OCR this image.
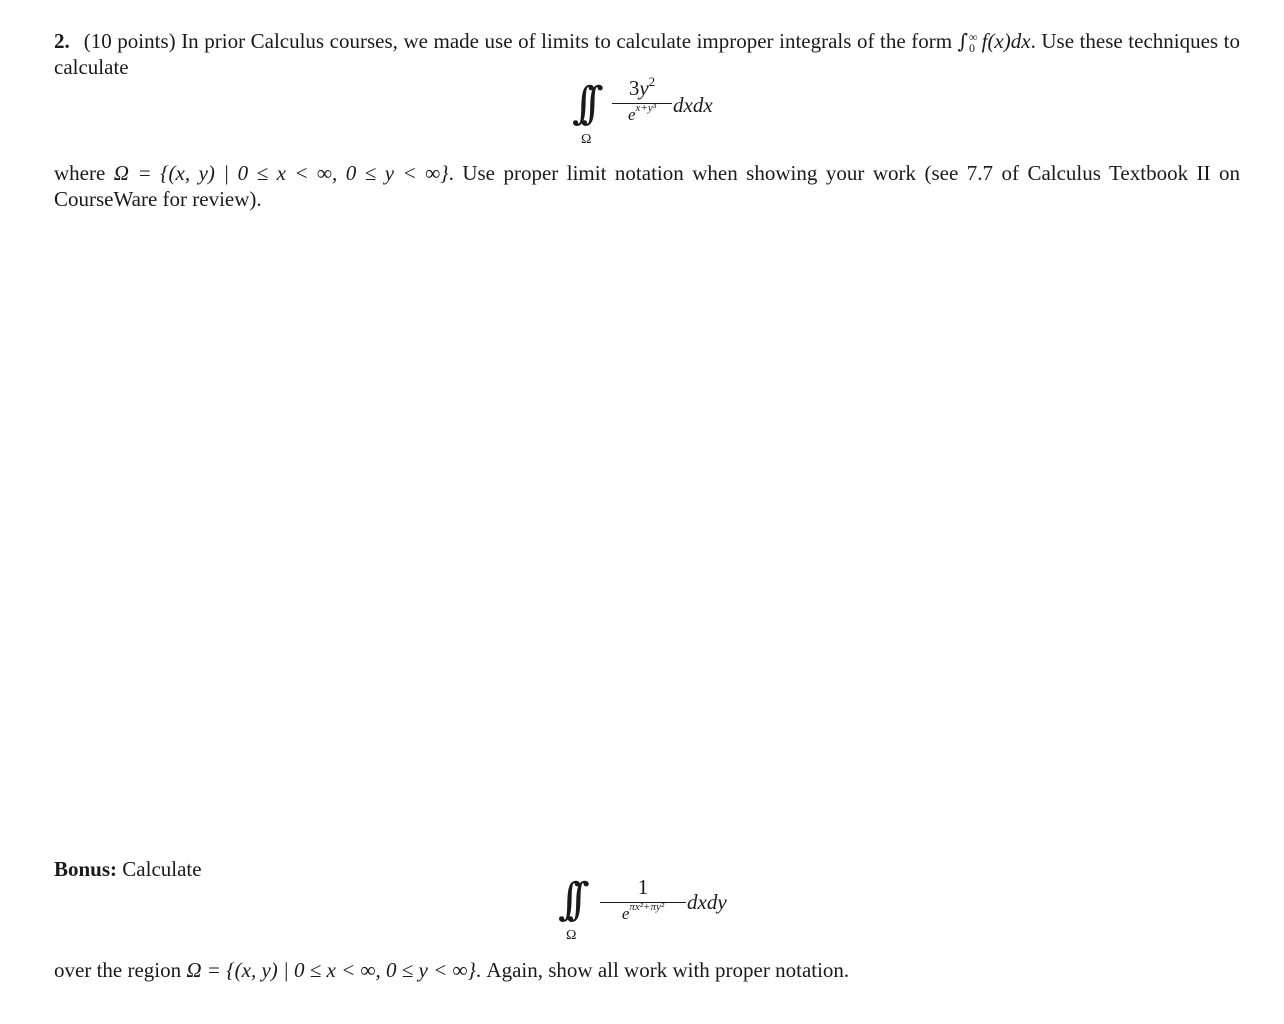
2. (10 points) In prior Calculus courses, we made use of limits to calculate improper integrals of the form ∫ ∞
0 f(x)dx. Use these techniques to calculate
∫∫
Ω
$3y^2$
$e^{x+y^3}$ dxdx
where Ω = {(x, y) | 0 ≤ x < ∞, 0 ≤ y < ∞}. Use proper limit notation when showing your work (see 7.7 of Calculus Textbook II on CourseWare for review).
Bonus: Calculate
∫∫
Ω
1
$e^{\pi x^2+\pi y^2}$	dxdy
over the region Ω = {(x, y) | 0 ≤ x < ∞, 0 ≤ y < ∞}. Again, show all work with proper notation.
